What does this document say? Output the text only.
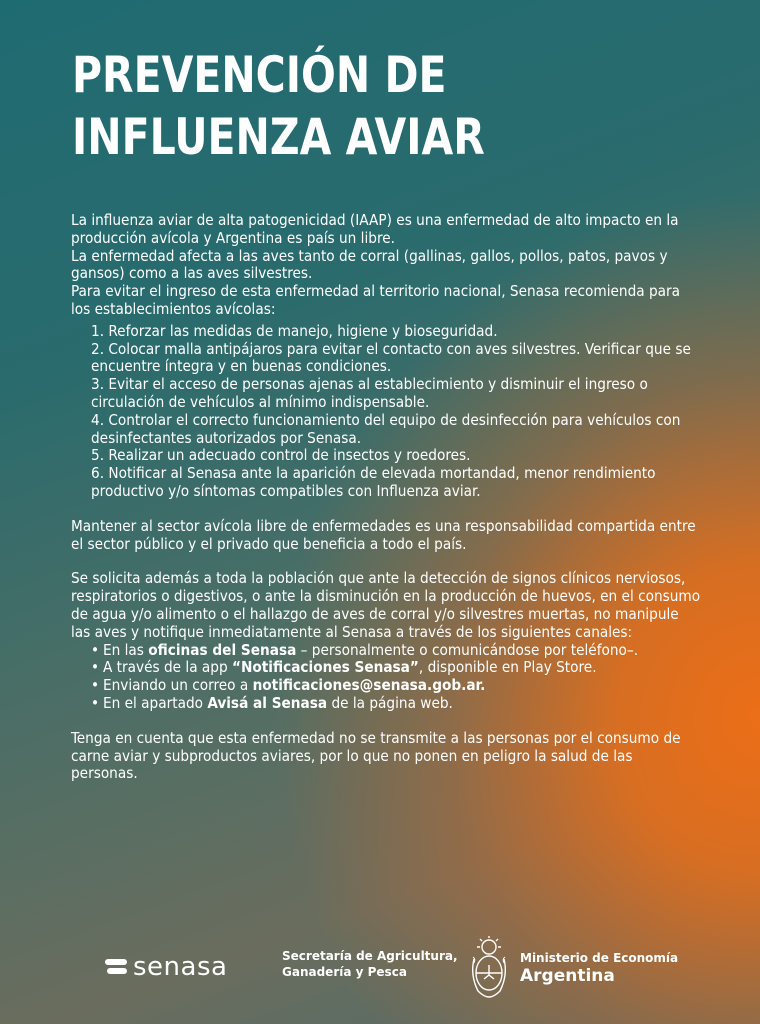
PREVENCIÓN DE
INFLUENZA AVIAR

La influenza aviar de alta patogenicidad (IAAP) es una enfermedad de alto impacto en la producción avícola y Argentina es país un libre.

La enfermedad afecta a las aves tanto de corral (gallinas, gallos, pollos, patos, pavos y gansos) como a las aves silvestres.

Para evitar el ingreso de esta enfermedad al territorio nacional, Senasa recomienda para los establecimientos avícolas:

1. Reforzar las medidas de manejo, higiene y bioseguridad.
2. Colocar malla antipájaros para evitar el contacto con aves silvestres. Verificar que se encuentre íntegra y en buenas condiciones.
3. Evitar el acceso de personas ajenas al establecimiento y disminuir el ingreso o circulación de vehículos al mínimo indispensable.
4. Controlar el correcto funcionamiento del equipo de desinfección para vehículos con desinfectantes autorizados por Senasa.
5. Realizar un adecuado control de insectos y roedores.
6. Notificar al Senasa ante la aparición de elevada mortandad, menor rendimiento productivo y/o síntomas compatibles con Influenza aviar.

Mantener al sector avícola libre de enfermedades es una responsabilidad compartida entre el sector público y el privado que beneficia a todo el país.

Se solicita además a toda la población que ante la detección de signos clínicos nerviosos, respiratorios o digestivos, o ante la disminución en la producción de huevos, en el consumo de agua y/o alimento o el hallazgo de aves de corral y/o silvestres muertas, no manipule las aves y notifique inmediatamente al Senasa a través de los siguientes canales:

• En las oficinas del Senasa – personalmente o comunicándose por teléfono–.
• A través de la app “Notificaciones Senasa”, disponible en Play Store.
• Enviando un correo a notificaciones@senasa.gob.ar.
• En el apartado Avisá al Senasa de la página web.

Tenga en cuenta que esta enfermedad no se transmite a las personas por el consumo de carne aviar y subproductos aviares, por lo que no ponen en peligro la salud de las personas.

senasa	Secretaría de Agricultura,
Ganadería y Pesca
Ministerio de Economía
Argentina
